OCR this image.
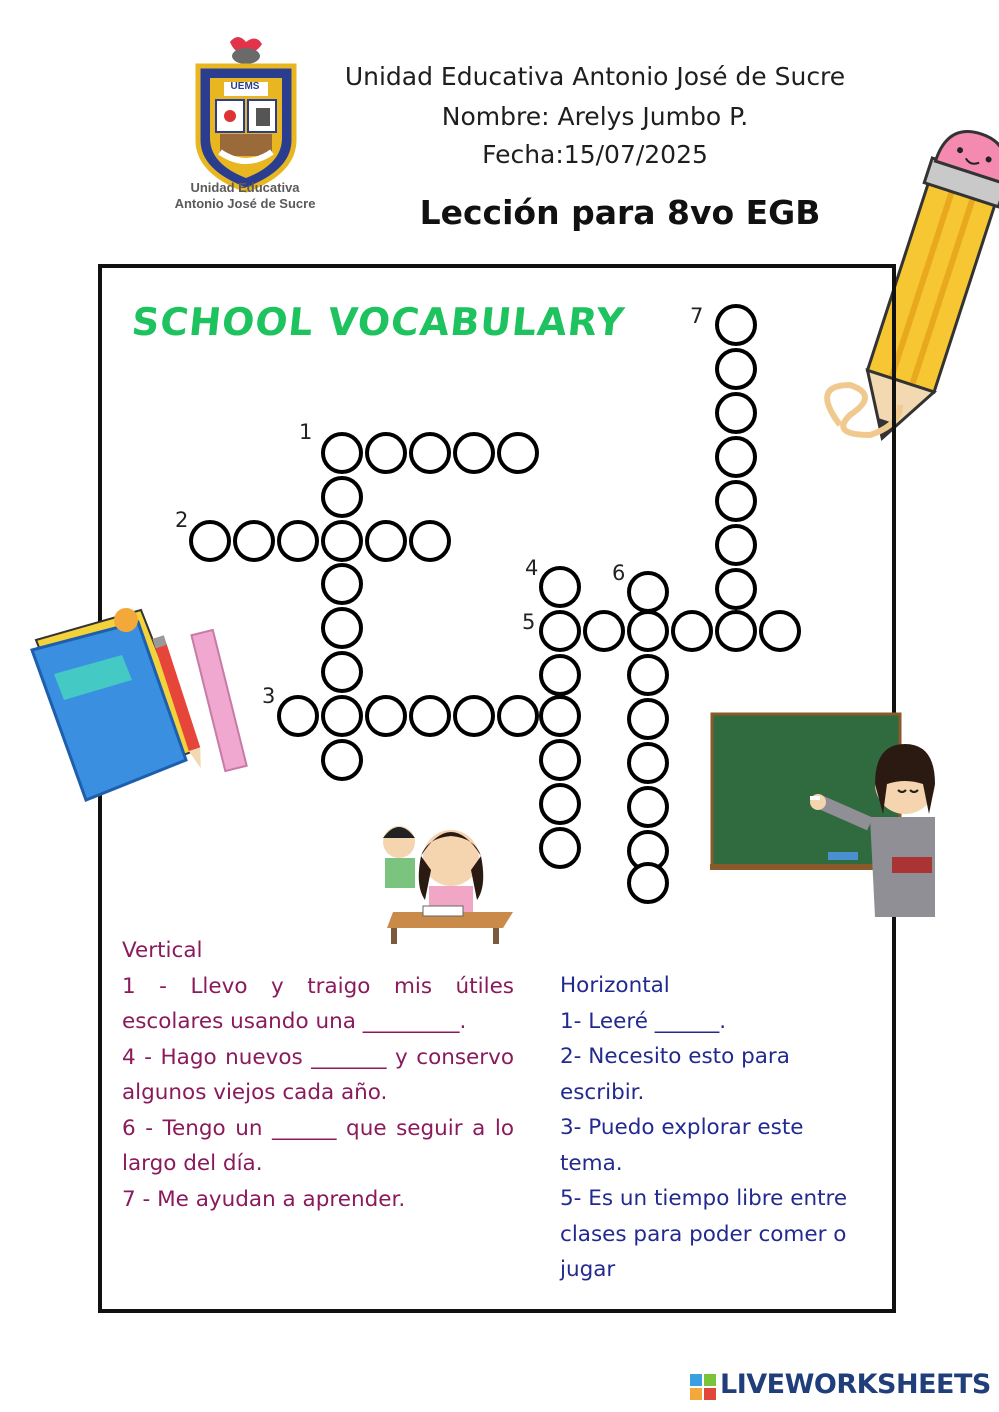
UEMS
Unidad Educativa
Antonio José de Sucre
Unidad Educativa Antonio José de Sucre
Nombre: Arelys Jumbo P.
Fecha:15/07/2025
Lección para 8vo EGB
SCHOOL VOCABULARY
1
2
3
4
5
6
7
Vertical
1 - Llevo y traigo mis útiles escolares usando una _________.
4 - Hago nuevos _______ y conservo algunos viejos cada año.
6 - Tengo un ______ que seguir a lo largo del día.
7 - Me ayudan a aprender.
Horizontal
1- Leeré ______.
2- Necesito esto para escribir.
3- Puedo explorar este tema.
5- Es un tiempo libre entre clases para poder comer o jugar
LIVEWORKSHEETS
